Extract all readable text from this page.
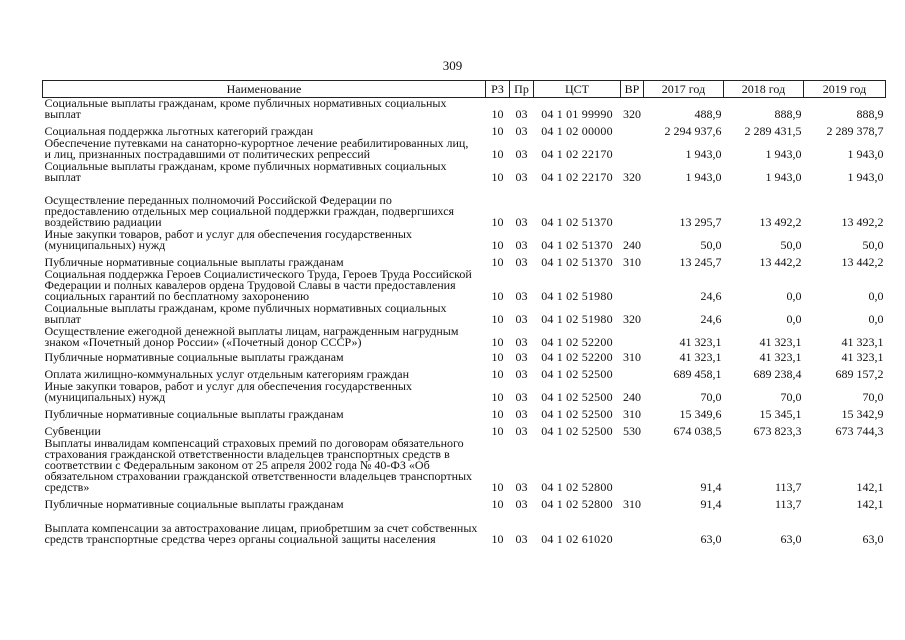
309
Наименование	РЗ	Пр	ЦСТ	ВР	2017 год	2018 год	2019 год
Социальные выплаты гражданам, кроме публичных нормативных социальных выплат	10	03	04 1 01 99990	320	488,9	888,9	888,9
Социальная поддержка льготных категорий граждан	10	03	04 1 02 00000		2 294 937,6	2 289 431,5	2 289 378,7
Обеспечение путевками на санаторно-курортное лечение реабилитированных лиц, и лиц, признанных пострадавшими от политических репрессий	10	03	04 1 02 22170		1 943,0	1 943,0	1 943,0
Социальные выплаты гражданам, кроме публичных нормативных социальных выплат	10	03	04 1 02 22170	320	1 943,0	1 943,0	1 943,0
Осуществление переданных полномочий Российской Федерации по предоставлению отдельных мер социальной поддержки граждан, подвергшихся воздействию радиации	10	03	04 1 02 51370		13 295,7	13 492,2	13 492,2
Иные закупки товаров, работ и услуг для обеспечения государственных (муниципальных) нужд	10	03	04 1 02 51370	240	50,0	50,0	50,0
Публичные нормативные социальные выплаты гражданам	10	03	04 1 02 51370	310	13 245,7	13 442,2	13 442,2
Социальная поддержка Героев Социалистического Труда, Героев Труда Российской Федерации и полных кавалеров ордена Трудовой Славы в части предоставления социальных гарантий по бесплатному захоронению	10	03	04 1 02 51980		24,6	0,0	0,0
Социальные выплаты гражданам, кроме публичных нормативных социальных выплат	10	03	04 1 02 51980	320	24,6	0,0	0,0
Осуществление ежегодной денежной выплаты лицам, награжденным нагрудным знаком «Почетный донор России» («Почетный донор СССР»)	10	03	04 1 02 52200		41 323,1	41 323,1	41 323,1
Публичные нормативные социальные выплаты гражданам	10	03	04 1 02 52200	310	41 323,1	41 323,1	41 323,1
Оплата жилищно-коммунальных услуг отдельным категориям граждан	10	03	04 1 02 52500		689 458,1	689 238,4	689 157,2
Иные закупки товаров, работ и услуг для обеспечения государственных (муниципальных) нужд	10	03	04 1 02 52500	240	70,0	70,0	70,0
Публичные нормативные социальные выплаты гражданам	10	03	04 1 02 52500	310	15 349,6	15 345,1	15 342,9
Субвенции	10	03	04 1 02 52500	530	674 038,5	673 823,3	673 744,3
Выплаты инвалидам компенсаций страховых премий по договорам обязательного страхования гражданской ответственности владельцев транспортных средств в соответствии с Федеральным законом от 25 апреля 2002 года № 40-ФЗ «Об обязательном страховании гражданской ответственности владельцев транспортных средств»	10	03	04 1 02 52800		91,4	113,7	142,1
Публичные нормативные социальные выплаты гражданам	10	03	04 1 02 52800	310	91,4	113,7	142,1
Выплата компенсации за автострахование лицам, приобретшим за счет собственных средств транспортные средства через органы социальной защиты населения	10	03	04 1 02 61020		63,0	63,0	63,0
